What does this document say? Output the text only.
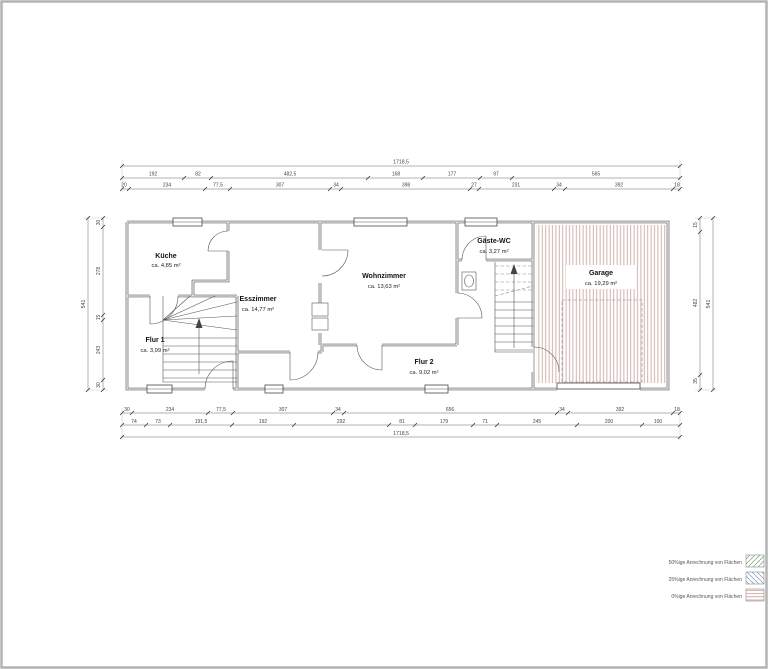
Küche
ca. 4,85 m²
Esszimmer
ca. 14,77 m²
Wohnzimmer
ca. 13,63 m²
Flur 1
ca. 3,99 m²
Flur 2
ca. 9,02 m²
Gäste-WC
ca. 3,27 m²
Garage
ca. 19,29 m²
1718,5
192	82	482,5	168	177	97	565
20	234	77,5	307	34	398	27	231	34	392	18
30	234	77,5	307	34	656	34	392	18
74	73	191,5	192	292	81	179	71	245	200	100
1718,5
541
30
278
15
243
30
15
482
35
541
50%ige Anrechnung von Flächen
25%ige Anrechnung von Flächen
0%ige Anrechnung von Flächen
